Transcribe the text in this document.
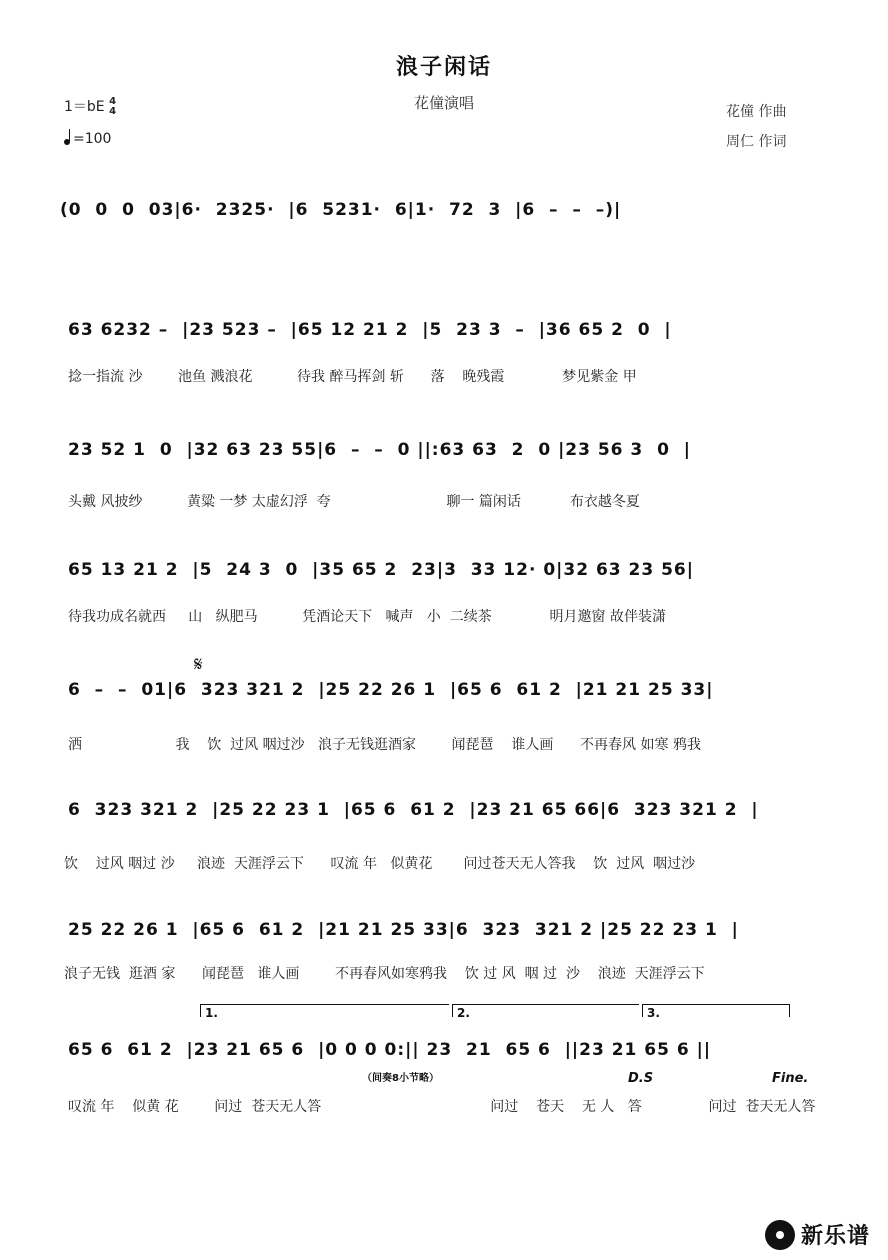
浪子闲话
花僮演唱
1＝bE 4
4
=100
花僮 作曲
周仁 作词
(0  0  0  03|6·  2325·  |6  5231·  6|1·  72  3  |6  –  –  –)|
63 6232 –  |23 523 –  |65 12 21 2  |5  23 3  –  |36 65 2  0  |
捻一指流 沙        池鱼 溅浪花          待我 醉马挥剑 斩      落    晚残霞             梦见紫金 甲
23 52 1  0  |32 63 23 55|6  –  –  0 ||:63 63  2  0 |23 56 3  0  |
头戴 风披纱          黄粱 一梦 太虚幻浮  夸                          聊一 篇闲话           布衣越冬夏
65 13 21 2  |5  24 3  0  |35 65 2  23|3  33 12· 0|32 63 23 56|
待我功成名就西     山   纵肥马          凭酒论天下   喊声   小  二续茶             明月邀窗 故伴装潇
𝄋
6  –  –  01|6  323 321 2  |25 22 26 1  |65 6  61 2  |21 21 25 33|
洒                     我    饮  过风 咽过沙   浪子无钱逛酒家        闻琵琶    谁人画      不再春风 如寒 鸦我
6  323 321 2  |25 22 23 1  |65 6  61 2  |23 21 65 66|6  323 321 2  |
饮    过风 咽过 沙     浪迹  天涯浮云下      叹流 年   似黄花       问过苍天无人答我    饮  过风  咽过沙
25 22 26 1  |65 6  61 2  |21 21 25 33|6  323  321 2 |25 22 23 1  |
浪子无钱  逛酒 家      闻琵琶   谁人画        不再春风如寒鸦我    饮 过 风  咽 过  沙    浪迹  天涯浮云下
1.	2.	3.
65 6  61 2  |23 21 65 6  |0 0 0 0:|| 23  21  65 6  ||23 21 65 6 ||
（间奏8小节略）	D.S	Fine.
叹流 年    似黄 花        问过  苍天无人答                                      问过    苍天    无 人   答               问过  苍天无人答
新乐谱
